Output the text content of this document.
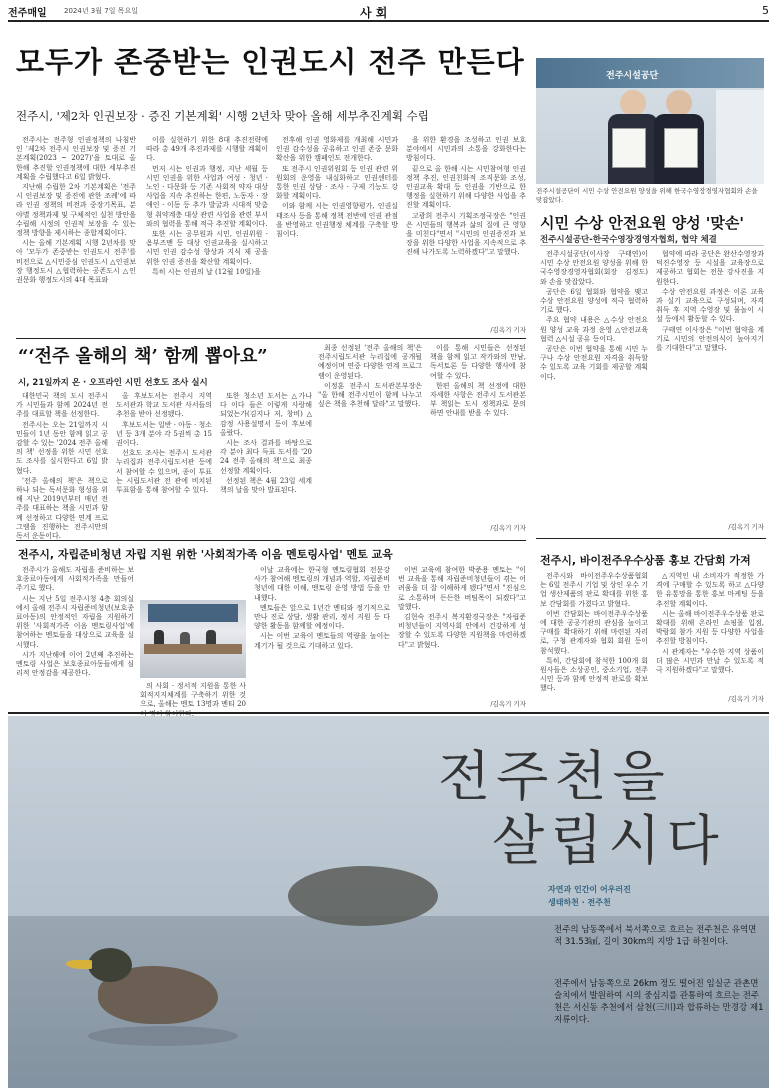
전주매일 2024년 3월 7일 목요일	사 회	5
모두가 존중받는 인권도시 전주 만든다
전주시, '제2차 인권보장 · 증진 기본계획' 시행 2년차 맞아 올해 세부추진계획 수립

전주시는 전주형 인권정책의 나침반인 '제2차 전주시 인권보장 및 증진 기본계획(2023 ~ 2027)'을 토대로 올 한해 추진할 인권정책에 대한 세부추진계획을 수립했다고 6일 밝혔다.

지난해 수립한 2차 기본계획은 '전주시 인권보장 및 증진에 관한 조례'에 따라 인권 정책의 비전과 중장기목표, 분야별 정책과제 및 구체적인 실천 방안을 수립해 시정의 인권적 보장을 수 있는 정책 방향을 제시하는 종합계획이다.

시는 올해 기본계획 시행 2년차를 맞아 '모두가 존중받는 인권도시 전주'를 비전으로 △시민중심 인권도시 △인권보장 행정도시 △협력하는 공존도시 △인권문화 행정도시의 4대 목표와

이를 실현하기 위한 8대 추진전략에 따라 총 49개 추진과제를 시행할 계획이다.

먼저 시는 인권과 행정, 지난 세월 등 시민 인권을 위한 사업과 여성 · 청년 · 노인 · 다문화 등 기존 사회적 약자 대상 사업을 지속 추진하는 한편, 노동자 · 장애인 · 이동 등 추가 발굴과 시대적 맞춤형 취약계층 대상 관련 사업을 관련 부서와의 협력을 통해 적극 추진할 계획이다.

또한 시는 공무원과 시민, 인권위원 · 옴부즈맨 등 대상 인권교육을 실시하고 시민 인권 감수성 향상과 지식 제 공을 위한 인권 증진을 확산할 계획이다.

특히 시는 인권의 날 (12월 10일)을

전후해 인권 영화제를 개최해 시민과 인권 감수성을 공유하고 인권 존중 문화 확산을 위한 캠페인도 전개한다.

또 전주시 인권위원회 등 인권 관련 위원회의 운영을 내실화하고 인권센터를 통한 인권 상담 · 조사 · 구제 기능도 강화할 계획이다.

이와 함께 시는 인권영향평가, 인권실태조사 등을 통해 정책 전반에 인권 관점을 반영하고 인권행정 체계를 구축할 방침이다.

을 위한 환경을 조성하고 인권 보호 분야에서 시민과의 소통을 강화한다는 방침이다.

끝으로 올 한해 시는 시민참여형 인권정책 추진, 인권친화적 조직문화 조성, 인권교육 확대 등 인권을 기반으로 한 행정을 실현하기 위해 다양한 사업을 추진할 계획이다.

고광희 전주시 기획조정국장은 "인권은 시민들의 행복과 삶의 질에 큰 영향을 미친다"면서 "시민의 인권증진과 보장을 위한 다양한 사업을 지속적으로 추진해 나가도록 노력하겠다"고 말했다.

/김옥기 기자
전주시설공단
전주시설공단이 시민 수상 안전요원 양성을 위해 한국수영장경영자협회와 손을 맞잡았다.
시민 수상 안전요원 양성 '맞손'
전주시설공단-한국수영장경영자협회, 협약 체결

전주시설공단(이사장 구태연)이 시민 수상 안전요원 양성을 위해 한국수영장경영자협회(회장 김정도)와 손을 맞잡았다.

공단은 6일 협회와 협약을 맺고 수상 안전요원 양성에 적극 협력하기로 했다.

주요 협약 내용은 △수상 안전요원 양성 교육 과정 운영 △안전교육 협력 △시설 공유 등이다.

공단은 이번 협약을 통해 시민 누구나 수상 안전요원 자격을 취득할 수 있도록 교육 기회를 제공할 계획이다.

협약에 따라 공단은 완산수영장과 덕진수영장 등 시설을 교육장으로 제공하고 협회는 전문 강사진을 지원한다.

수상 안전요원 과정은 이론 교육과 실기 교육으로 구성되며, 자격 취득 후 지역 수영장 및 물놀이 시설 등에서 활동할 수 있다.

구태연 이사장은 "이번 협약을 계기로 시민의 안전의식이 높아지기를 기대한다"고 말했다.

/김옥기 기자
“‘전주 올해의 책’ 함께 뽑아요”
시, 21일까지 온 · 오프라인 시민 선호도 조사 실시

대한민국 책의 도시 전주시가 시민들과 함께 2024년 전주를 대표할 책을 선정한다.

전주시는 오는 21일까지 시민들이 1년 동안 함께 읽고 공감할 수 있는 '2024 전주 올해의 책' 선정을 위한 시민 선호도 조사를 실시한다고 6일 밝혔다.

'전주 올해의 책'은 책으로 하나 되는 독서문화 형성을 위해 지난 2019년부터 매년 전주를 대표하는 책을 시민과 함께 선정하고 다양한 연계 프로그램을 진행하는 전주시만의 독서 운동이다.

올 후보도서는 전주시 지역 도서관과 학교 도서관 사서들의 추천을 받아 선정됐다.

후보도서는 일반 · 아동 · 청소년 등 3개 분야 각 5권씩 총 15권이다.

선호도 조사는 전주시 도서관 누리집과 전주시립도서관 등에서 참여할 수 있으며, 종이 투표는 시립도서관 전 관에 비치된 투표함을 통해 참여할 수 있다.

또한 청소년 도서는 △가나다 이다 들은 이렇게 사랑해 되었는가(김지나 저, 창비) △감정 사용설명서 등이 후보에 올랐다.

시는 조사 결과를 바탕으로 각 분야 최다 득표 도서를 '2024 전주 올해의 책'으로 최종 선정할 계획이다.

선정된 책은 4월 23일 세계 책의 날을 맞아 발표된다.

최종 선정된 '전주 올해의 책'은 전주시립도서관 누리집에 공개될 예정이며 연중 다양한 연계 프로그램이 운영된다.

이정훈 전주시 도서관본부장은 "올 한해 전주시민이 함께 나누고 싶은 책을 추천해 달라"고 말했다.

이를 통해 시민들은 선정된 책을 함께 읽고 작가와의 만남, 독서토론 등 다양한 행사에 참여할 수 있다.

한편 올해의 책 선정에 대한 자세한 사항은 전주시 도서관본부 책읽는 도시 정책과로 문의하면 안내를 받을 수 있다.

/김옥기 기자
전주시, 바이전주우수상품 홍보 간담회 가져

전주시와 바이전주우수상품협회는 6일 전주시 기업 및 상인 우수 기업 생산제품의 판로 확대를 위한 홍보 간담회를 가졌다고 밝혔다.

이번 간담회는 바이전주우수상품에 대한 공공기관의 관심을 높이고 구매를 확대하기 위해 마련된 자리로, 구청 관계자와 협회 회원 등이 참석했다.

특히, 간담회에 참석한 100개 회원사들은 소상공인, 중소기업, 전주시민 등과 함께 안정적 판로를 확보했다.

△지역인 내 소비자가 적정한 가격에 구매할 수 있도록 하고 △다양한 유통망을 통한 홍보 마케팅 등을 추진할 계획이다.

시는 올해 바이전주우수상품 판로 확대를 위해 온라인 쇼핑몰 입점, 박람회 참가 지원 등 다양한 사업을 추진할 방침이다.

시 관계자는 "우수한 지역 상품이 더 많은 시민과 만날 수 있도록 적극 지원하겠다"고 말했다.

/김옥기 기자
전주시, 자립준비청년 자립 지원 위한 '사회적가족 이음 멘토링사업' 멘토 교육

전주시가 올해도 자립을 준비하는 보호종료아동에게 사회적가족을 만들어주기로 했다.

시는 지난 5일 전주시청 4층 회의실에서 올해 전주시 자립준비청년(보호종료아동)의 안정적인 자립을 지원하기 위한 '사회적가족 이음 멘토링사업'에 참여하는 멘토들을 대상으로 교육을 실시했다.

시가 지난해에 이어 2년째 추진하는 멘토링 사업은 보호종료아동들에게 심리적 안정감을 제공한다.

의 사회 · 정서적 지원을 통한 사회적지지체계를 구축하기 위한 것으로, 올해는 멘토 13명과 멘티 20

이날 교육에는 한국형 멘토링협회 전문강사가 참여해 멘토링의 개념과 역할, 자립준비청년에 대한 이해, 멘토링 운영 방법 등을 안내했다.

멘토들은 앞으로 1년간 멘티와 정기적으로 만나 진로 상담, 생활 관리, 정서 지원 등 다양한 활동을 함께할 예정이다.

시는 이번 교육이 멘토들의 역량을 높이는 계기가 될 것으로 기대하고 있다.

이번 교육에 참여한 박준용 멘토는 "이번 교육을 통해 자립준비청년들이 겪는 어려움을 더 잘 이해하게 됐다"면서 "진심으로 소통하며 든든한 버팀목이 되겠다"고 말했다.

김현숙 전주시 복지환경국장은 "자립준비청년들이 지역사회 안에서 건강하게 성장할 수 있도록 다양한 지원책을 마련하겠다"고 밝혔다.

/김옥기 기자
전주천을
살립시다
자연과 인간이 어우러진
생태하천 · 전주천
전주의 남동쪽에서 북서쪽으로 흐르는 전주천은 유역면적 31.53㎢, 길이 30km의 지방 1급 하천이다.
전주에서 남동쪽으로 26km 정도 떨어진 임실군 관촌면 슬치에서 발원하여 시의 중심지를 관통하여 흐르는 전주천은 서신동 추천에서 삼천(三川)과 합류하는 만경강 제1지류이다.
